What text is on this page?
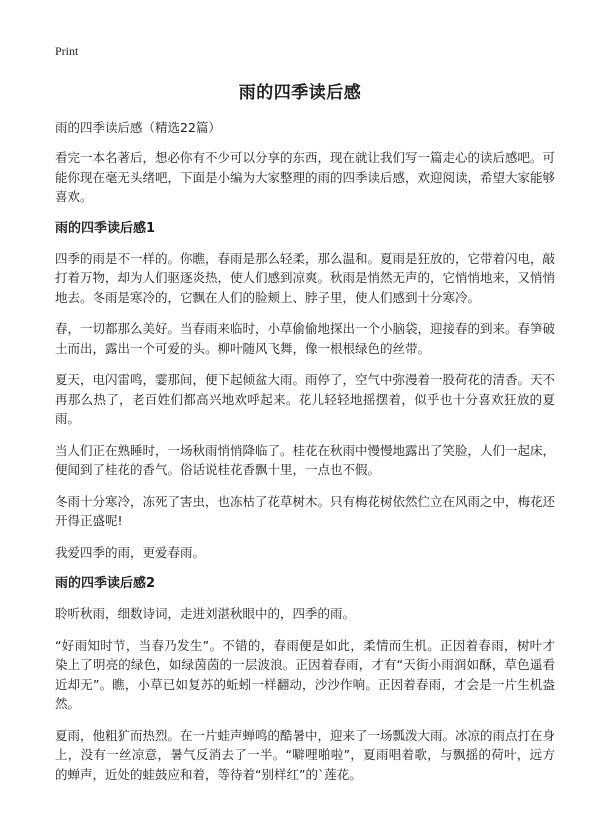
Print
雨的四季读后感
雨的四季读后感（精选22篇）

看完一本名著后，想必你有不少可以分享的东西，现在就让我们写一篇走心的读后感吧。可能你现在毫无头绪吧，下面是小编为大家整理的雨的四季读后感，欢迎阅读，希望大家能够喜欢。

雨的四季读后感1

四季的雨是不一样的。你瞧，春雨是那么轻柔，那么温和。夏雨是狂放的，它带着闪电，敲打着万物，却为人们驱逐炎热，使人们感到凉爽。秋雨是悄然无声的，它悄悄地来，又悄悄地去。冬雨是寒冷的，它飘在人们的脸颊上、脖子里，使人们感到十分寒冷。

春，一切都那么美好。当春雨来临时，小草偷偷地探出一个小脑袋，迎接春的到来。春笋破土而出，露出一个可爱的头。柳叶随风飞舞，像一根根绿色的丝带。

夏天，电闪雷鸣，霎那间，便下起倾盆大雨。雨停了，空气中弥漫着一股荷花的清香。天不再那么热了，老百姓们都高兴地欢呼起来。花儿轻轻地摇摆着，似乎也十分喜欢狂放的夏雨。

当人们正在熟睡时，一场秋雨悄悄降临了。桂花在秋雨中慢慢地露出了笑脸，人们一起床，便闻到了桂花的香气。俗话说桂花香飘十里，一点也不假。

冬雨十分寒冷，冻死了害虫，也冻枯了花草树木。只有梅花树依然伫立在风雨之中，梅花还开得正盛呢!

我爱四季的雨，更爱春雨。

雨的四季读后感2

聆听秋雨，细数诗词，走进刘湛秋眼中的，四季的雨。

“好雨知时节，当春乃发生”。不错的，春雨便是如此，柔情而生机。正因着春雨，树叶才染上了明亮的绿色，如绿茵茵的一层波浪。正因着春雨，才有“天街小雨润如酥，草色遥看近却无”。瞧，小草已如复苏的蚯蚓一样翻动，沙沙作响。正因着春雨，才会是一片生机盎然。

夏雨，他粗犷而热烈。在一片蛙声蝉鸣的酷暑中，迎来了一场瓢泼大雨。冰凉的雨点打在身上，没有一丝凉意，暑气反消去了一半。“噼哩啪啦”，夏雨唱着歌，与飘摇的荷叶，远方的蝉声，近处的蛙鼓应和着，等待着“别样红”的`莲花。
